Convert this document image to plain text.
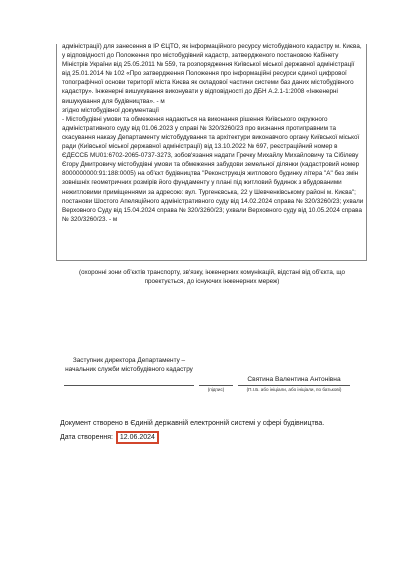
адміністрації) для занесення в ІР ЄЦТО, як інформаційного ресурсу містобудівного кадастру м. Києва, у відповідності до Положення про містобудівний кадастр, затвердженого постановою Кабінету Міністрів України від 25.05.2011 № 559, та розпорядження Київської міської державної адміністрації від 25.01.2014 № 102 «Про затвердження Положення про інформаційні ресурси єдиної цифрової топографічної основи території міста Києва як складової частини системи баз даних містобудівного кадастру». Інженерні вишукування виконувати у відповідності до ДБН А.2.1-1:2008 «Інженерні вишукування для будівництва». - м

згідно містобудівної документації

- Містобудівні умови та обмеження надаються на виконання рішення Київського окружного адміністративного суду від 01.06.2023 у справі № 320/3260/23 про визнання протиправним та скасування наказу Департаменту містобудування та архітектури виконавчого органу Київської міської ради (Київської міської державної адміністрації) від 13.10.2022 № 697, реєстраційний номер в ЄДЕССБ MU01:6702-2065-0737-3273, зобов'язання надати Гречку Михайлу Михайловичу та Сібілеву Єгору Дмитровичу містобудівні умови та обмеження забудови земельної ділянки (кадастровий номер 8000000000:91:188:0005) на об'єкт будівництва "Реконструкція житлового будинку літера "А" без змін зовнішніх геометричних розмірів його фундаменту у плані під житловий будинок з вбудованими нежитловими приміщеннями за адресою: вул. Тургенєвська, 22 у Шевченківському районі м. Києва"; постанови Шостого Апеляційного адміністративного суду від 14.02.2024 справа № 320/3260/23; ухвали Верховного Суду від 15.04.2024 справа № 320/3260/23; ухвали Верховного суду від 10.05.2024 справа № 320/3260/23. - м

(охоронні зони об'єктів транспорту, зв'язку, інженерних комунікацій, відстані від об'єкта, що проектується, до існуючих інженерних мереж)

Заступник директора Департаменту – начальник служби містобудівного кадастру
Святина Валентина Антонівна
(підпис)	(П.І.Б. або ініціали, або ініціали, по батькові)
Документ створено в Єдиній державній електронній системі у сфері будівництва.
Дата створення: 12.06.2024
